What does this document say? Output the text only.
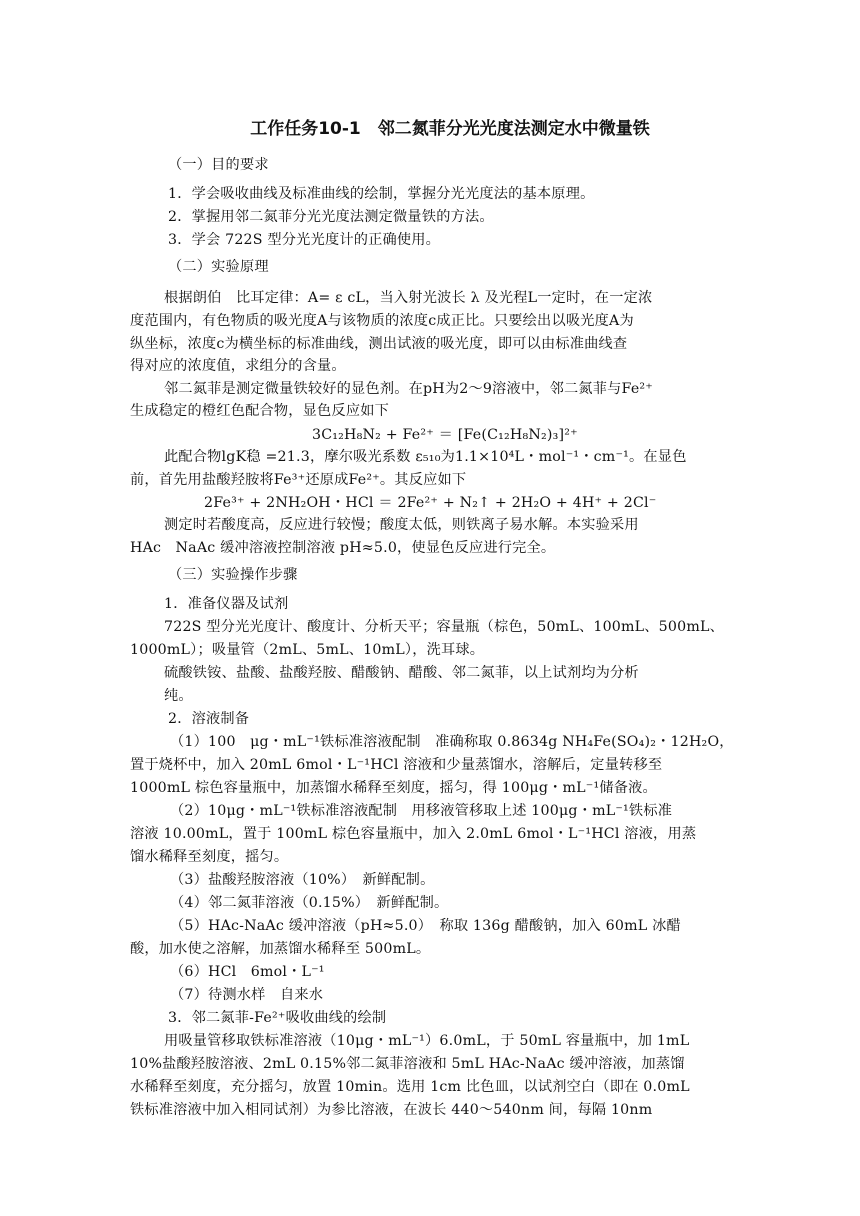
工作任务10-1　邻二氮菲分光光度法测定水中微量铁
（一）目的要求
1．学会吸收曲线及标准曲线的绘制，掌握分光光度法的基本原理。
2．掌握用邻二氮菲分光光度法测定微量铁的方法。
3．学会 722S 型分光光度计的正确使用。
（二）实验原理
根据朗伯　比耳定律：A= ε cL，当入射光波长 λ 及光程L一定时，在一定浓
度范围内，有色物质的吸光度A与该物质的浓度c成正比。只要绘出以吸光度A为
纵坐标，浓度c为横坐标的标准曲线，测出试液的吸光度，即可以由标准曲线查
得对应的浓度值，求组分的含量。
邻二氮菲是测定微量铁较好的显色剂。在pH为2～9溶液中，邻二氮菲与Fe²⁺
生成稳定的橙红色配合物，显色反应如下
3C₁₂H₈N₂ + Fe²⁺ ＝ [Fe(C₁₂H₈N₂)₃]²⁺
此配合物lgK稳 =21.3，摩尔吸光系数 ε₅₁₀为1.1×10⁴L・mol⁻¹・cm⁻¹。在显色
前，首先用盐酸羟胺将Fe³⁺还原成Fe²⁺。其反应如下
2Fe³⁺ + 2NH₂OH・HCl ＝ 2Fe²⁺ + N₂↑ + 2H₂O + 4H⁺ + 2Cl⁻
测定时若酸度高，反应进行较慢；酸度太低，则铁离子易水解。本实验采用
HAc　NaAc 缓冲溶液控制溶液 pH≈5.0，使显色反应进行完全。
（三）实验操作步骤
1．准备仪器及试剂
722S 型分光光度计、酸度计、分析天平；容量瓶（棕色，50mL、100mL、500mL、
1000mL）；吸量管（2mL、5mL、10mL），洗耳球。
硫酸铁铵、盐酸、盐酸羟胺、醋酸钠、醋酸、邻二氮菲，以上试剂均为分析
纯。
2．溶液制备
（1）100　μg・mL⁻¹铁标准溶液配制　准确称取 0.8634g NH₄Fe(SO₄)₂・12H₂O，
置于烧杯中，加入 20mL 6mol・L⁻¹HCl 溶液和少量蒸馏水，溶解后，定量转移至
1000mL 棕色容量瓶中，加蒸馏水稀释至刻度，摇匀，得 100μg・mL⁻¹储备液。
（2）10μg・mL⁻¹铁标准溶液配制　用移液管移取上述 100μg・mL⁻¹铁标准
溶液 10.00mL，置于 100mL 棕色容量瓶中，加入 2.0mL 6mol・L⁻¹HCl 溶液，用蒸
馏水稀释至刻度，摇匀。
（3）盐酸羟胺溶液（10%）　新鲜配制。
（4）邻二氮菲溶液（0.15%）　新鲜配制。
（5）HAc-NaAc 缓冲溶液（pH≈5.0）　称取 136g 醋酸钠，加入 60mL 冰醋
酸，加水使之溶解，加蒸馏水稀释至 500mL。
（6）HCl　6mol・L⁻¹
（7）待测水样　自来水
3．邻二氮菲-Fe²⁺吸收曲线的绘制
用吸量管移取铁标准溶液（10μg・mL⁻¹）6.0mL，于 50mL 容量瓶中，加 1mL
10%盐酸羟胺溶液、2mL 0.15%邻二氮菲溶液和 5mL HAc-NaAc 缓冲溶液，加蒸馏
水稀释至刻度，充分摇匀，放置 10min。选用 1cm 比色皿，以试剂空白（即在 0.0mL
铁标准溶液中加入相同试剂）为参比溶液，在波长 440～540nm 间，每隔 10nm
